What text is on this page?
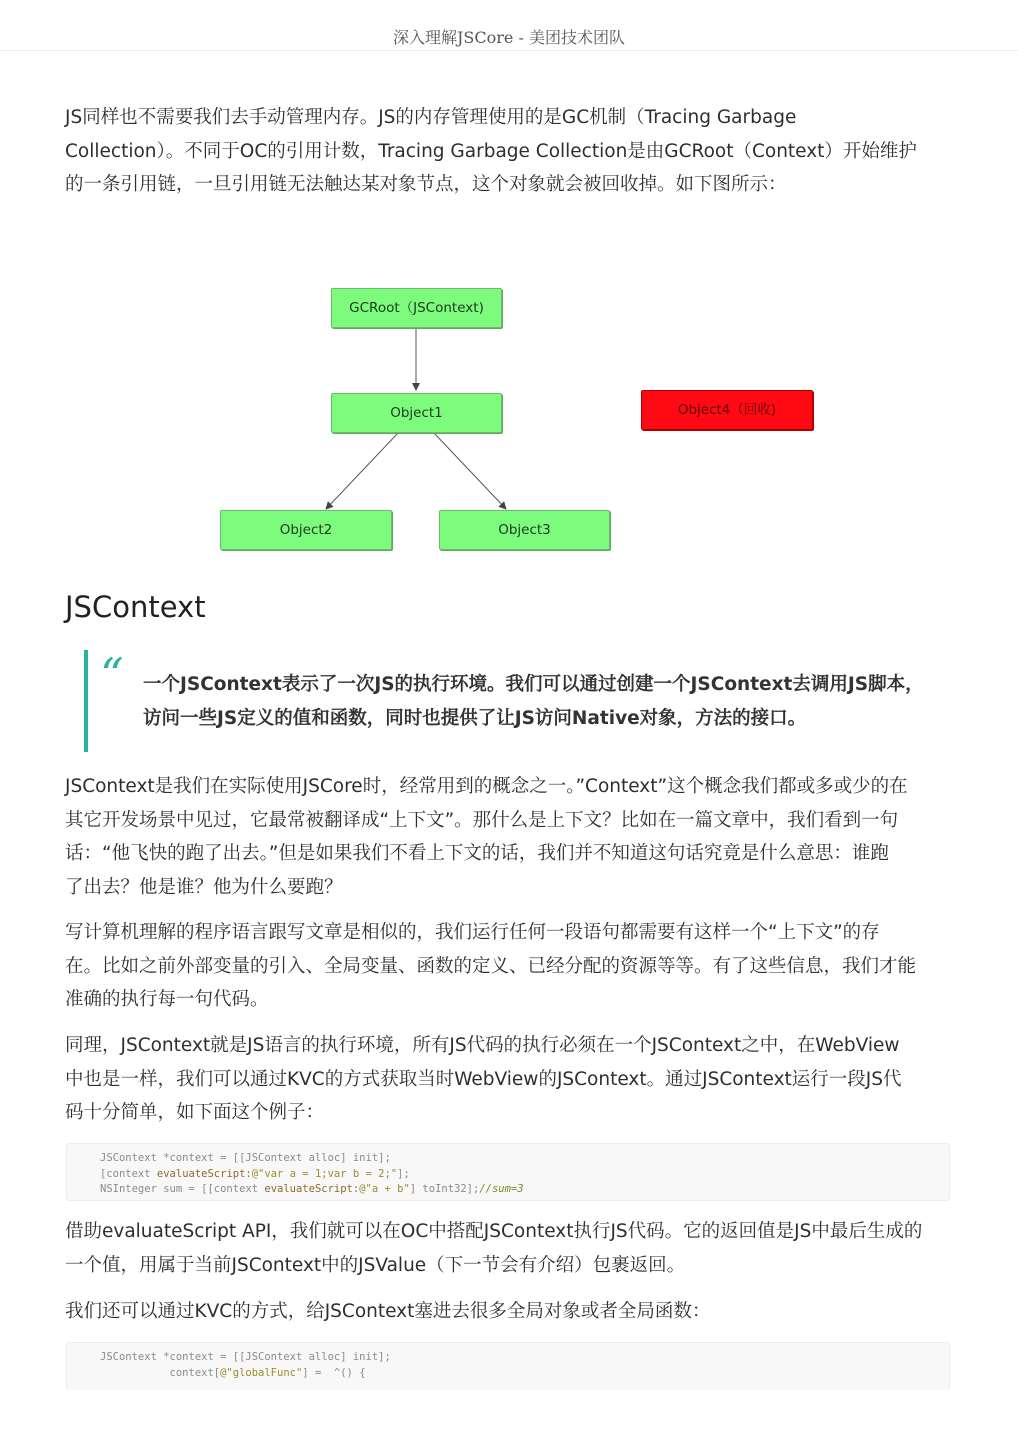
深入理解JSCore - 美团技术团队

JS同样也不需要我们去手动管理内存。JS的内存管理使用的是GC机制（Tracing Garbage
Collection）。不同于OC的引用计数，Tracing Garbage Collection是由GCRoot（Context）开始维护
的一条引用链，一旦引用链无法触达某对象节点，这个对象就会被回收掉。如下图所示：

GCRoot（JSContext)
Object1
Object2	Object3
Object4（回收)
JSContext
“ 一个JSContext表示了一次JS的执行环境。我们可以通过创建一个JSContext去调用JS脚本，
访问一些JS定义的值和函数，同时也提供了让JS访问Native对象，方法的接口。

JSContext是我们在实际使用JSCore时，经常用到的概念之一。”Context”这个概念我们都或多或少的在
其它开发场景中见过，它最常被翻译成“上下文”。那什么是上下文？比如在一篇文章中，我们看到一句
话：“他飞快的跑了出去。”但是如果我们不看上下文的话，我们并不知道这句话究竟是什么意思：谁跑
了出去？他是谁？他为什么要跑？

写计算机理解的程序语言跟写文章是相似的，我们运行任何一段语句都需要有这样一个“上下文”的存
在。比如之前外部变量的引入、全局变量、函数的定义、已经分配的资源等等。有了这些信息，我们才能
准确的执行每一句代码。

同理，JSContext就是JS语言的执行环境，所有JS代码的执行必须在一个JSContext之中，在WebView
中也是一样，我们可以通过KVC的方式获取当时WebView的JSContext。通过JSContext运行一段JS代
码十分简单，如下面这个例子：

JSContext *context = [[JSContext alloc] init];
[context evaluateScript:@"var a = 1;var b = 2;"];
NSInteger sum = [[context evaluateScript:@"a + b"] toInt32];//sum=3

借助evaluateScript API，我们就可以在OC中搭配JSContext执行JS代码。它的返回值是JS中最后生成的
一个值，用属于当前JSContext中的JSValue（下一节会有介绍）包裹返回。

我们还可以通过KVC的方式，给JSContext塞进去很多全局对象或者全局函数：

JSContext *context = [[JSContext alloc] init];
context[@"globalFunc"] =  ^() {
